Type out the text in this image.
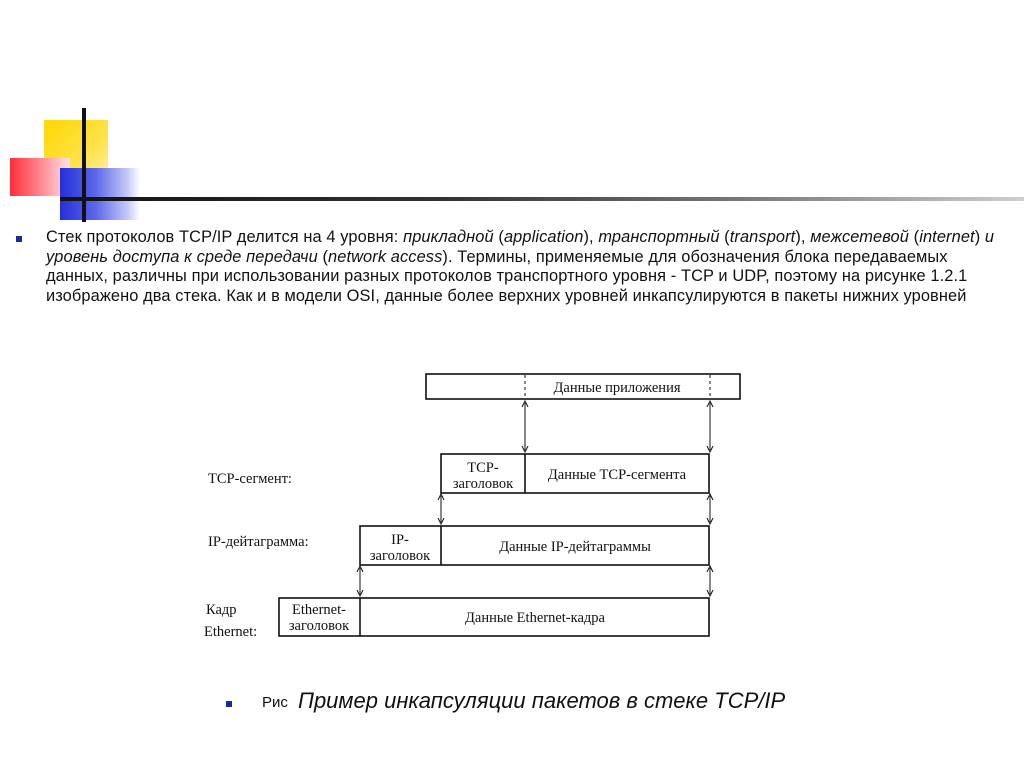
Стек протоколов TCP/IP делится на 4 уровня: прикладной (application), транспортный (transport), межсетевой (internet) и уровень доступа к среде передачи (network access). Термины, применяемые для обозначения блока передаваемых данных, различны при использовании разных протоколов транспортного уровня - TCP и UDP, поэтому на рисунке 1.2.1 изображено два стека. Как и в модели OSI, данные более верхних уровней инкапсулируются в пакеты нижних уровней
Данные приложения
TCP-сегмент:
TCP-
заголовок
Данные TCP-сегмента
IP-дейтаграмма:	IP-
заголовок
Данные IP-дейтаграммы
Кадр
Ethernet:
Ethernet-
заголовок	Данные Ethernet-кадра
Рис Пример инкапсуляции пакетов в стеке TCP/IP
